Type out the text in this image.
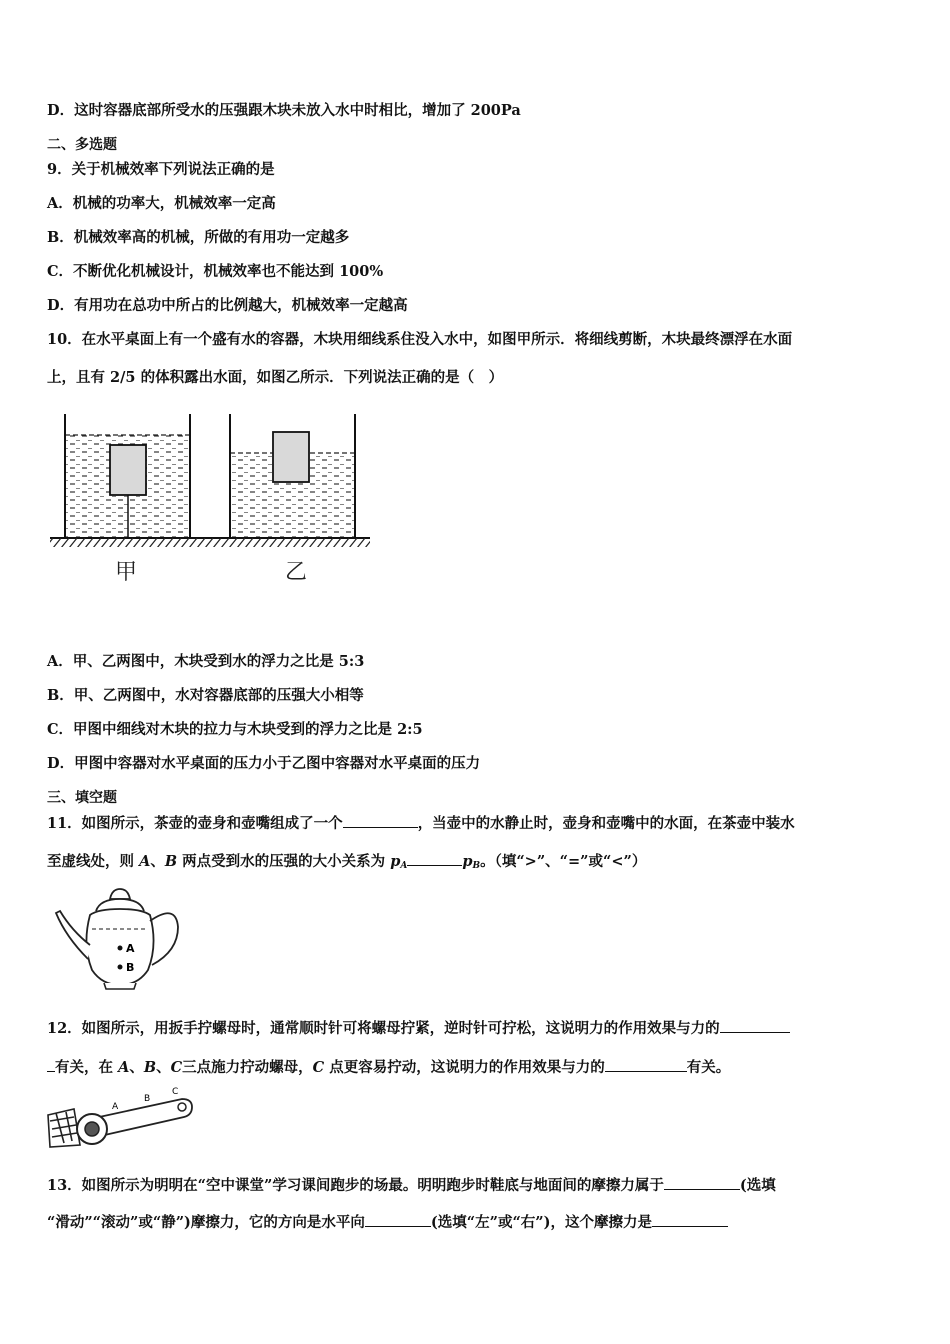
D．这时容器底部所受水的压强跟木块未放入水中时相比，增加了 200Pa
二、多选题
9．关于机械效率下列说法正确的是
A．机械的功率大，机械效率一定高
B．机械效率高的机械，所做的有用功一定越多
C．不断优化机械设计，机械效率也不能达到 100%
D．有用功在总功中所占的比例越大，机械效率一定越高
10．在水平桌面上有一个盛有水的容器，木块用细线系住没入水中，如图甲所示．将细线剪断，木块最终漂浮在水面
上，且有 2/5 的体积露出水面，如图乙所示．下列说法正确的是（　）
甲	乙
A．甲、乙两图中，木块受到水的浮力之比是 5:3
B．甲、乙两图中，水对容器底部的压强大小相等
C．甲图中细线对木块的拉力与木块受到的浮力之比是 2:5
D．甲图中容器对水平桌面的压力小于乙图中容器对水平桌面的压力
三、填空题
11．如图所示，茶壶的壶身和壶嘴组成了一个	，当壶中的水静止时，壶身和壶嘴中的水面，在茶壶中装水
至虚线处，则 A、B 两点受到水的压强的大小关系为 $p_A$	$p_B$。（填“>”、“=”或“<”）
A
B
12．如图所示，用扳手拧螺母时，通常顺时针可将螺母拧紧，逆时针可拧松，这说明力的作用效果与力的
有关，在 A、B、C三点施力拧动螺母，C 点更容易拧动，这说明力的作用效果与力的	有关。
A
B
C
13．如图所示为明明在“空中课堂”学习课间跑步的场最。明明跑步时鞋底与地面间的摩擦力属于	(选填
“滑动”“滚动”或“静”)摩擦力，它的方向是水平向	(选填“左”或“右”)，这个摩擦力是
